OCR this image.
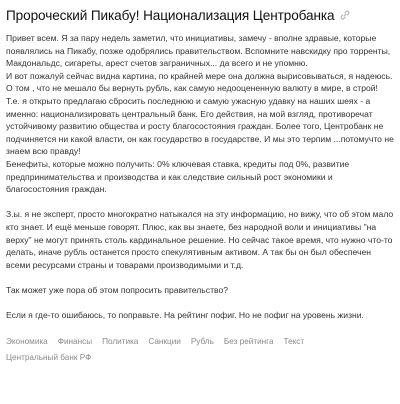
Пророческий Пикабу! Национализация Центробанка

Привет всем. Я за пару недель заметил, что инициативы, замечу - вполне здравые, которые появлялись на Пикабу, позже одобрялись правительством. Вспомните навскидку про торренты, Макдональдс, сигареты, арест счетов заграничных... да всего и не упомню.

И вот пожалуй сейчас видна картина, по крайней мере она должна вырисовываться, я надеюсь. О том , что не мешало бы вернуть рубль, как самую недооцененную валюту в мире, в строй! Т.е. я открыто предлагаю сбросить последнюю и самую ужасную удавку на наших шеях - а именно: национализировать центральный банк. Его действия, на мой взгляд, противоречат устойчивому развитию общества и росту благосостояния граждан. Более того, Центробанк не подчиняется ни какой власти, он как государство в государстве. И мы это терпим ...потомучто не знаем всю правду!

Бенефиты, которые можно получить: 0% ключевая ставка, кредиты под 0%, развитие предпринимательства и производства и как следствие сильный рост экономики и благосостояния граждан.

З.ы. я не эксперт, просто многократно натыкался на эту информацию, но вижу, что об этом мало кто знает. И ещё меньше говорят. Плюс, как вы знаете, без народной воли и инициативы "на верху" не могут принять столь кардинальное решение. Но сейчас такое время, что нужно что-то делать, иначе рубль останется просто спекулятивным активом. А так бы он был обеспечен всеми ресурсами страны и товарами производимыми и т.д.

Так может уже пора об этом попросить правительство?

Если я где-то ошибаюсь, то поправьте. На рейтинг пофиг. Но не пофиг на уровень жизни.

Экономика Финансы Политика Санкции Рубль Без рейтинга Текст
Центральный банк РФ
